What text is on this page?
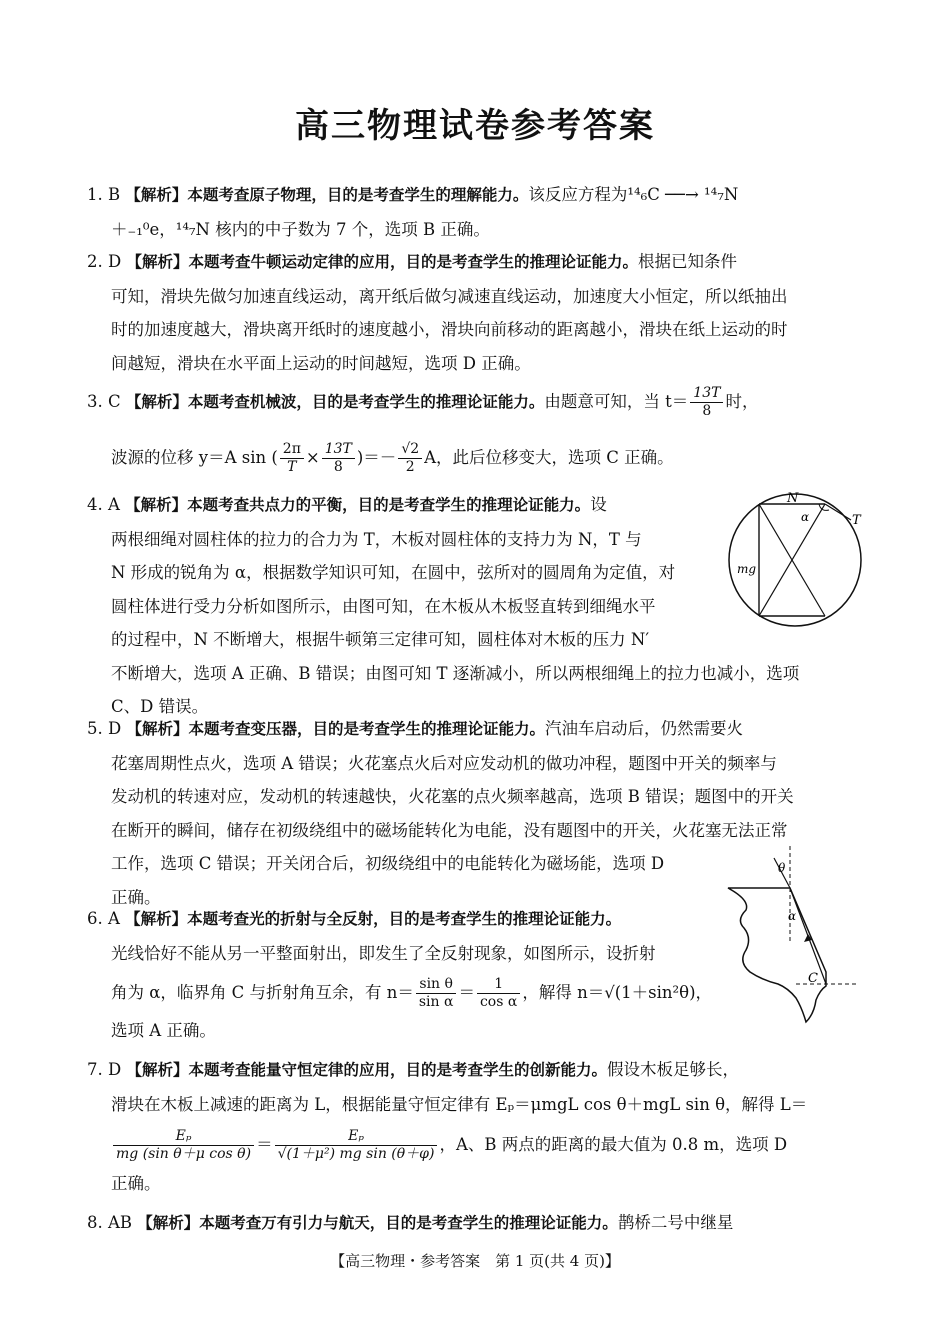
高三物理试卷参考答案

1. B 【解析】本题考查原子物理，目的是考查学生的理解能力。该反应方程为¹⁴₆C ──→ ¹⁴₇N

＋₋₁⁰e，¹⁴₇N 核内的中子数为 7 个，选项 B 正确。

2. D 【解析】本题考查牛顿运动定律的应用，目的是考查学生的推理论证能力。根据已知条件

可知，滑块先做匀加速直线运动，离开纸后做匀减速直线运动，加速度大小恒定，所以纸抽出

时的加速度越大，滑块离开纸时的速度越小，滑块向前移动的距离越小，滑块在纸上运动的时

间越短，滑块在水平面上运动的时间越短，选项 D 正确。

3. C 【解析】本题考查机械波，目的是考查学生的推理论证能力。由题意可知，当 $t= \frac{13T}{8}$ 时，

波源的位移 y＝A sin ( $\frac{2\pi}{T} \times \frac{13T}{8}$ )＝－ $\frac{√2}{2}$ A，此后位移变大，选项 C 正确。

4. A 【解析】本题考查共点力的平衡，目的是考查学生的推理论证能力。设

两根细绳对圆柱体的拉力的合力为 T，木板对圆柱体的支持力为 N，T 与

N 形成的锐角为 α，根据数学知识可知，在圆中，弦所对的圆周角为定值，对

圆柱体进行受力分析如图所示，由图可知，在木板从木板竖直转到细绳水平

的过程中，N 不断增大，根据牛顿第三定律可知，圆柱体对木板的压力 N′

不断增大，选项 A 正确、B 错误；由图可知 T 逐渐减小，所以两根细绳上的拉力也减小，选项

C、D 错误。

N
T
α
mg

5. D 【解析】本题考查变压器，目的是考查学生的推理论证能力。汽油车启动后，仍然需要火

花塞周期性点火，选项 A 错误；火花塞点火后对应发动机的做功冲程，题图中开关的频率与

发动机的转速对应，发动机的转速越快，火花塞的点火频率越高，选项 B 错误；题图中的开关

在断开的瞬间，储存在初级绕组中的磁场能转化为电能，没有题图中的开关，火花塞无法正常

工作，选项 C 错误；开关闭合后，初级绕组中的电能转化为磁场能，选项 D

正确。

6. A 【解析】本题考查光的折射与全反射，目的是考查学生的推理论证能力。

光线恰好不能从另一平整面射出，即发生了全反射现象，如图所示，设折射

角为 α，临界角 C 与折射角互余，有 $n= \frac{\text{sin θ}}{\text{sin α}} = \frac{1}{\text{cos α}}$ ，解得 n＝√(1＋sin²θ)，

选项 A 正确。

θ
α
C

7. D 【解析】本题考查能量守恒定律的应用，目的是考查学生的创新能力。假设木板足够长，

滑块在木板上减速的距离为 L，根据能量守恒定律有 Eₚ＝μmgL cos θ＋mgL sin θ，解得 L＝

$\frac{\text{Eₚ}}{\text{mg (sin θ＋μ cos θ)}} = \frac{\text{Eₚ}}{\text{√(1＋μ²) mg sin (θ＋φ)}}$ ，A、B 两点的距离的最大值为 0.8 m，选项 D

正确。

8. AB 【解析】本题考查万有引力与航天，目的是考查学生的推理论证能力。鹊桥二号中继星

【高三物理・参考答案　第 1 页(共 4 页)】
